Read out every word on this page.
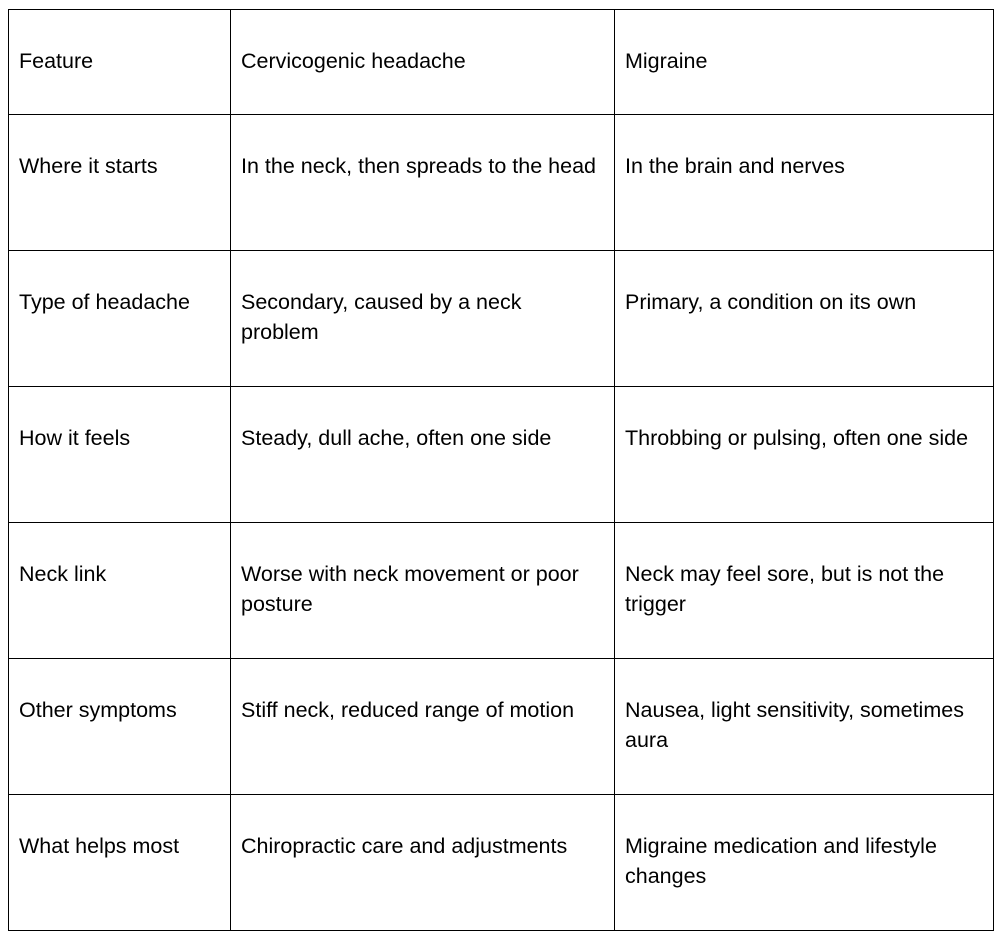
Feature	Cervicogenic headache	Migraine
Where it starts	In the neck, then spreads to the head	In the brain and nerves
Type of headache	Secondary, caused by a neck problem	Primary, a condition on its own
How it feels	Steady, dull ache, often one side	Throbbing or pulsing, often one side
Neck link	Worse with neck movement or poor posture	Neck may feel sore, but is not the trigger
Other symptoms	Stiff neck, reduced range of motion	Nausea, light sensitivity, sometimes aura
What helps most	Chiropractic care and adjustments	Migraine medication and lifestyle changes
